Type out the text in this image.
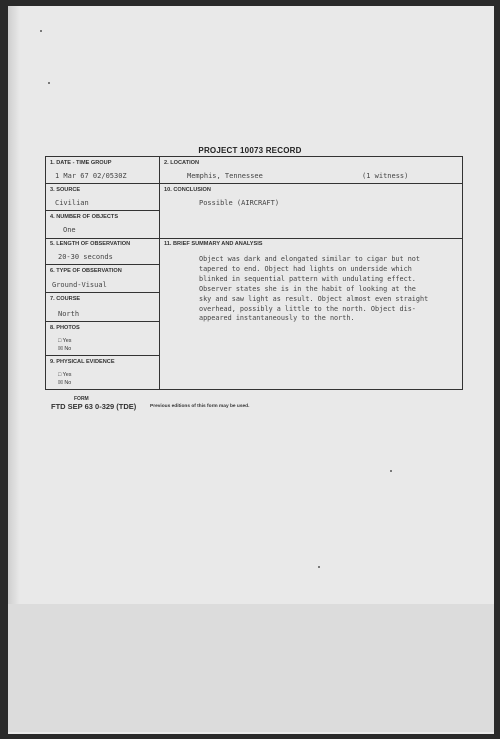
PROJECT 10073 RECORD
1. DATE - TIME GROUP
1 Mar 67 02/0530Z
2. LOCATION
Memphis, Tennessee	(1 witness)
3. SOURCE
Civilian
10. CONCLUSION
Possible (AIRCRAFT)
4. NUMBER OF OBJECTS
One
5. LENGTH OF OBSERVATION
20-30 seconds
11. BRIEF SUMMARY AND ANALYSIS
6. TYPE OF OBSERVATION
Ground-Visual
7. COURSE
North
8. PHOTOS
□ Yes
☒ No
9. PHYSICAL EVIDENCE
□ Yes
☒ No
Object was dark and elongated similar to cigar but not
tapered to end. Object had lights on underside which
blinked in sequential pattern with undulating effect.
Observer states she is in the habit of looking at the
sky and saw light as result. Object almost even straight
overhead, possibly a little to the north. Object dis-
appeared instantaneously to the north.
FORM
FTD SEP 63 0-329 (TDE)	Previous editions of this form may be used.
